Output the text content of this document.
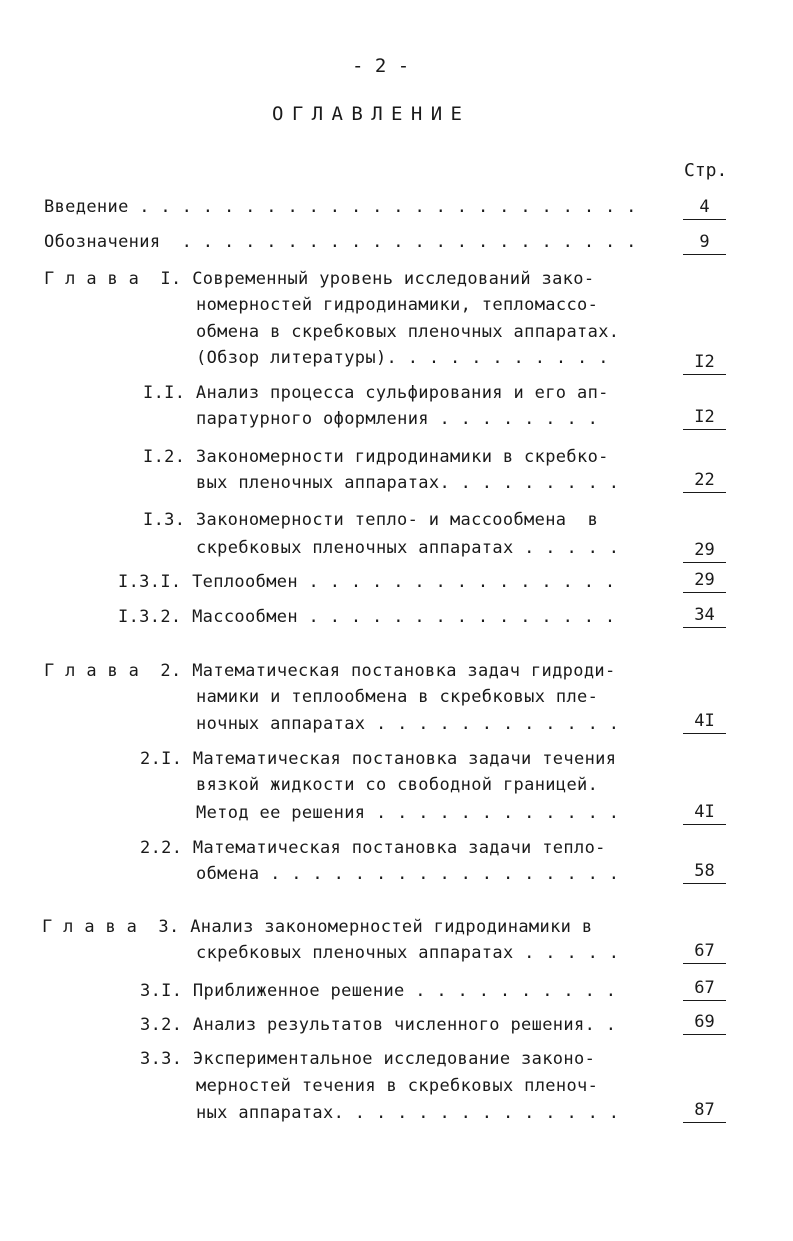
- 2 -
ОГЛАВЛЕНИЕ
Стр.
Введение . . . . . . . . . . . . . . . . . . . . . . . .
Обозначения  . . . . . . . . . . . . . . . . . . . . . .
Г л а в а  I. Современный уровень исследований зако-
номерностей гидродинамики, тепломассо-
обмена в скребковых пленочных аппаратах.
(Обзор литературы). . . . . . . . . . .
I.I. Анализ процесса сульфирования и его ап-
паратурного оформления . . . . . . . .
I.2. Закономерности гидродинамики в скребко-
вых пленочных аппаратах. . . . . . . . .
I.3. Закономерности тепло- и массообмена  в
скребковых пленочных аппаратах . . . . .
I.3.I. Теплообмен . . . . . . . . . . . . . . .
I.3.2. Массообмен . . . . . . . . . . . . . . .
Г л а в а  2. Математическая постановка задач гидроди-
намики и теплообмена в скребковых пле-
ночных аппаратах . . . . . . . . . . . .
2.I. Математическая постановка задачи течения
вязкой жидкости со свободной границей.
Метод ее решения . . . . . . . . . . . .
2.2. Математическая постановка задачи тепло-
обмена . . . . . . . . . . . . . . . . .
Г л а в а  3. Анализ закономерностей гидродинамики в
скребковых пленочных аппаратах . . . . .
3.I. Приближенное решение . . . . . . . . . .
3.2. Анализ результатов численного решения. .
3.3. Экспериментальное исследование законо-
мерностей течения в скребковых пленоч-
ных аппаратах. . . . . . . . . . . . . .
4
9
I2
I2
22
29
29
34
4I
4I
58
67
67
69
87
